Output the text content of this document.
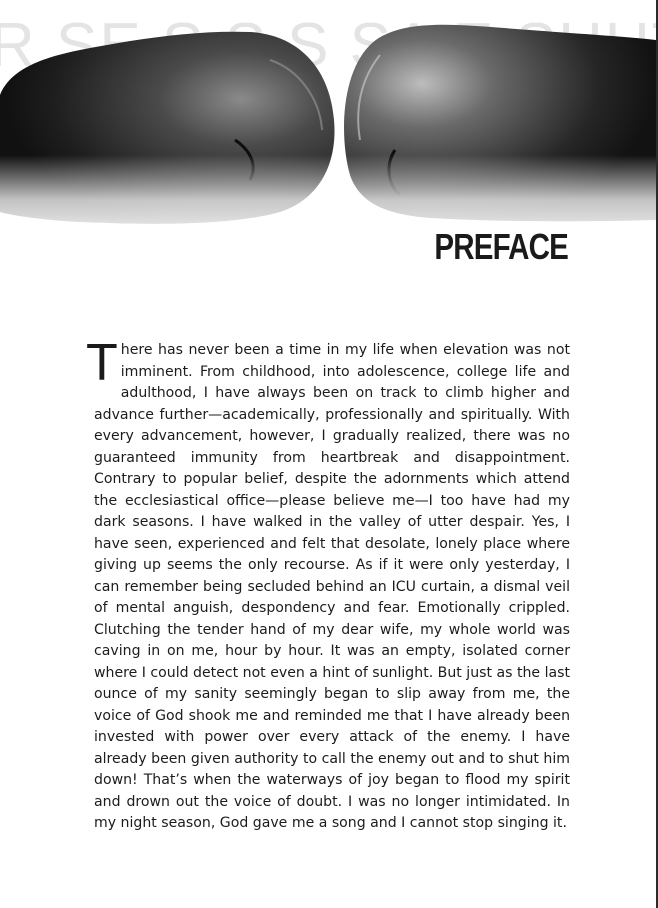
PREFACE

There has never been a time in my life when elevation was not imminent. From childhood, into adolescence, college life and adulthood, I have always been on track to climb higher and advance further—academically, professionally and spiritually. With every advancement, however, I gradually realized, there was no guaranteed immunity from heartbreak and disappointment. Contrary to popular belief, despite the adornments which attend the ecclesiastical office—please believe me—I too have had my dark seasons. I have walked in the valley of utter despair. Yes, I have seen, experienced and felt that desolate, lonely place where giving up seems the only recourse. As if it were only yesterday, I can remember being secluded behind an ICU curtain, a dismal veil of mental anguish, despondency and fear. Emotionally crippled. Clutching the tender hand of my dear wife, my whole world was caving in on me, hour by hour. It was an empty, isolated corner where I could detect not even a hint of sunlight. But just as the last ounce of my sanity seemingly began to slip away from me, the voice of God shook me and reminded me that I have already been invested with power over every attack of the enemy. I have already been given authority to call the enemy out and to shut him down! That’s when the waterways of joy began to flood my spirit and drown out the voice of doubt. I was no longer intimidated. In my night season, God gave me a song and I cannot stop singing it.
